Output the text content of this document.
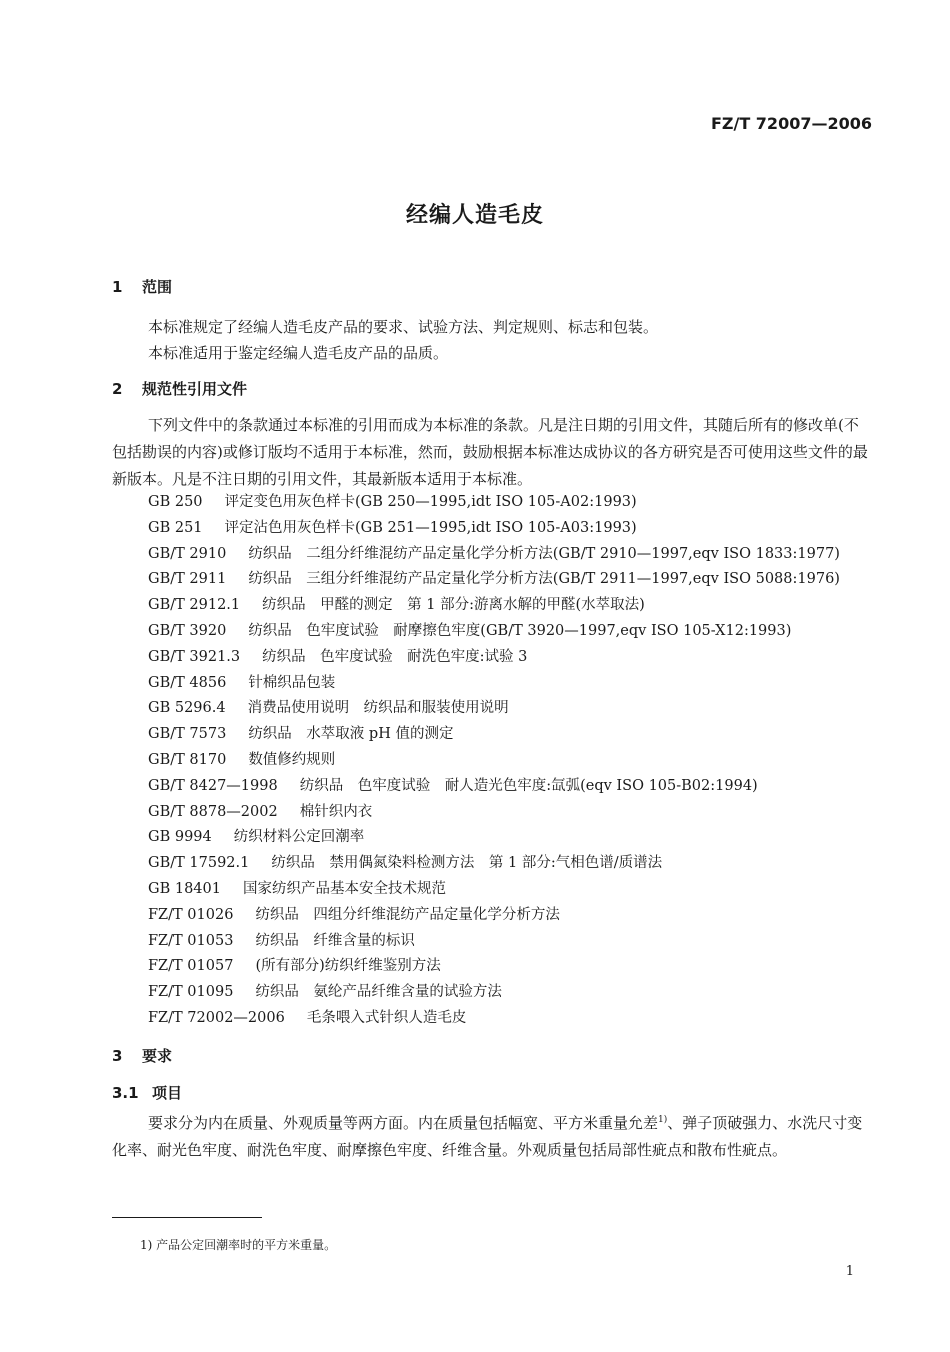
FZ/T 72007—2006
经编人造毛皮
1 范围
本标准规定了经编人造毛皮产品的要求、试验方法、判定规则、标志和包装。
本标准适用于鉴定经编人造毛皮产品的品质。
2 规范性引用文件
下列文件中的条款通过本标准的引用而成为本标准的条款。凡是注日期的引用文件，其随后所有的修改单(不包括勘误的内容)或修订版均不适用于本标准，然而，鼓励根据本标准达成协议的各方研究是否可使用这些文件的最新版本。凡是不注日期的引用文件，其最新版本适用于本标准。
GB 250 评定变色用灰色样卡(GB 250—1995,idt ISO 105-A02:1993)
GB 251 评定沾色用灰色样卡(GB 251—1995,idt ISO 105-A03:1993)
GB/T 2910 纺织品　二组分纤维混纺产品定量化学分析方法(GB/T 2910—1997,eqv ISO 1833:1977)
GB/T 2911 纺织品　三组分纤维混纺产品定量化学分析方法(GB/T 2911—1997,eqv ISO 5088:1976)
GB/T 2912.1 纺织品　甲醛的测定　第 1 部分:游离水解的甲醛(水萃取法)
GB/T 3920 纺织品　色牢度试验　耐摩擦色牢度(GB/T 3920—1997,eqv ISO 105-X12:1993)
GB/T 3921.3 纺织品　色牢度试验　耐洗色牢度:试验 3
GB/T 4856 针棉织品包装
GB 5296.4 消费品使用说明　纺织品和服装使用说明
GB/T 7573 纺织品　水萃取液 pH 值的测定
GB/T 8170 数值修约规则
GB/T 8427—1998 纺织品　色牢度试验　耐人造光色牢度:氙弧(eqv ISO 105-B02:1994)
GB/T 8878—2002 棉针织内衣
GB 9994 纺织材料公定回潮率
GB/T 17592.1 纺织品　禁用偶氮染料检测方法　第 1 部分:气相色谱/质谱法
GB 18401 国家纺织产品基本安全技术规范
FZ/T 01026 纺织品　四组分纤维混纺产品定量化学分析方法
FZ/T 01053 纺织品　纤维含量的标识
FZ/T 01057 (所有部分)纺织纤维鉴别方法
FZ/T 01095 纺织品　氨纶产品纤维含量的试验方法
FZ/T 72002—2006 毛条喂入式针织人造毛皮
3 要求
3.1 项目
要求分为内在质量、外观质量等两方面。内在质量包括幅宽、平方米重量允差$^{1)}$、弹子顶破强力、水洗尺寸变化率、耐光色牢度、耐洗色牢度、耐摩擦色牢度、纤维含量。外观质量包括局部性疵点和散布性疵点。
1) 产品公定回潮率时的平方米重量。
1
